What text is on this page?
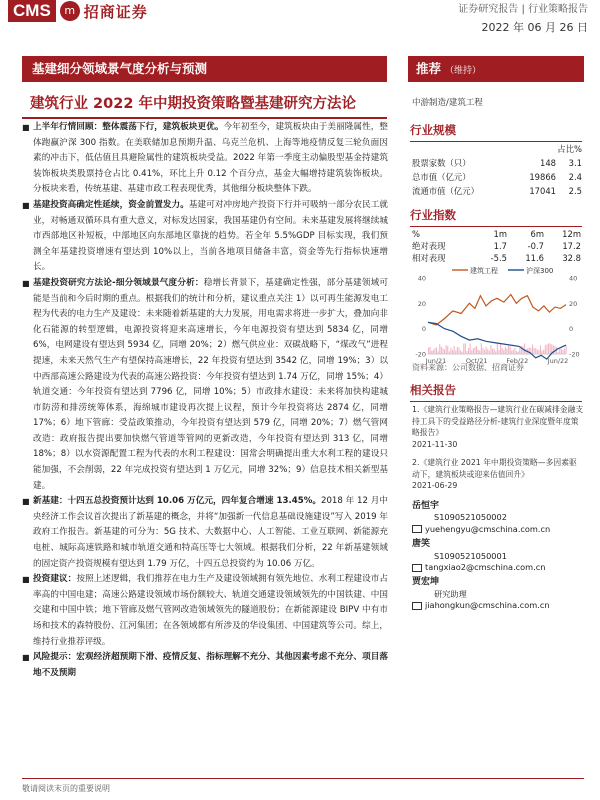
CMS	m 招商证券	证券研究报告 | 行业策略报告
2022 年 06 月 26 日
基建细分领域景气度分析与预测	推荐 （维持）
建筑行业 2022 年中期投资策略暨基建研究方法论

■ 上半年行情回顾：整体震荡下行，建筑板块更优。今年初至今，建筑板块由于美丽隆属性，整体跑赢沪深 300 指数。在美联储加息预期升温、乌克兰危机、上海等地疫情反复三轮负面因素的冲击下，低估值且具避险属性的建筑板块受益。2022 年第一季度主动偏股型基金持建筑装饰板块类股票持仓占比 0.41%，环比上升 0.12 个百分点，基金大幅增持建筑装饰板块。分板块来看，传统基建、基建市政工程表现优秀，其他细分板块整体下跌。

■ 基建投资高确定性延续，资金前置发力。基建可对冲房地产投资下行并可吸纳一部分农民工就业，对畅通双循环具有重大意义，对标发达国家，我国基建仍有空间。未来基建发展将继续城市西部地区补短板，中部地区向东部地区靠拢的趋势。若全年 5.5%GDP 目标实现，我们预测全年基建投资增速有望达到 10%以上，当前各地项目储备丰富，资金等先行指标快速增长。

■ 基建投资研究方法论-细分领域景气度分析：稳增长背景下，基建确定性强，部分基建领域可能是当前和今后时期的重点。根据我们的统计和分析，建议重点关注 1）以可再生能源发电工程为代表的电力生产及建设：未来随着新基建的大力发展，用电需求将进一步扩大，叠加向非化石能源的转型逻辑，电源投资将迎来高速增长，今年电源投资有望达到 5834 亿，同增 6%，电网建设有望达到 5934 亿，同增 20%；2）燃气供应业：双碳战略下，“煤改气”进程提速，未来天然气生产有望保持高速增长，22 年投资有望达到 3542 亿，同增 19%；3）以中西部高速公路建设为代表的高速公路投资：今年投资有望达到 1.74 万亿，同增 15%；4）轨道交通：今年投资有望达到 7796 亿，同增 10%；5）市政排水建设：未来将加快构建城市防涝和排涝统筹体系，海绵城市建设再次提上议程，预计今年投资将达 2874 亿，同增 17%；6）地下管廊：受益政策推动，今年投资有望达到 579 亿，同增 20%；7）燃气管网改造：政府报告提出要加快燃气管道等管网的更新改造，今年投资有望达到 313 亿，同增 18%；8）以水资源配置工程为代表的水利工程建设：国常会明确提出重大水利工程的建设只能加强，不会削弱，22 年完成投资有望达到 1 万亿元，同增 32%；9）信息技术相关新型基建。

■ 新基建：十四五总投资预计达到 10.06 万亿元，四年复合增速 13.45%。2018 年 12 月中央经济工作会议首次提出了新基建的概念，并将“加强新一代信息基础设施建设”写入 2019 年政府工作报告。新基建的可分为：5G 技术、大数据中心、人工智能、工业互联网、新能源充电桩、城际高速铁路和城市轨道交通和特高压等七大领域。根据我们分析，22 年新基建领域的固定资产投资规模有望达到 1.79 万亿，十四五总投资约为 10.06 万亿。

■ 投资建议：按照上述逻辑，我们推荐在电力生产及建设领域拥有领先地位、水利工程建设市占率高的中国电建；高速公路建设领域市场份额较大、轨道交通建设领域领先的中国铁建、中国交建和中国中铁；地下管廊及燃气管网改造领域领先的隧道股份；在新能源建设 BIPV 中有市场和技术的森特股份、江河集团；在各领域都有所涉及的华设集团、中国建筑等公司。综上，维持行业推荐评级。

■ 风险提示：宏观经济超预期下滑、疫情反复、指标理解不充分、其他因素考虑不充分、项目落地不及预期

中游制造/建筑工程
行业规模
占比%
股票家数（只）	148	3.1
总市值（亿元）	19866	2.4
流通市值（亿元）	17041	2.5
行业指数
%	1m	6m	12m
绝对表现	1.7	-0.7	17.2
相对表现	-5.5	11.6	32.8
建筑工程	沪深300
-20
0
20
40
-20
0
20
40
Jun/21	Oct/21	Feb/22	Jun/22
资料来源：公司数据、招商证券
相关报告
1.《建筑行业策略报告—建筑行业在碳减排金融支持工具下的受益路径分析-建筑行业深度暨年度策略报告》
2021-11-30
2.《建筑行业 2021 年中期投资策略—多因素驱动下，建筑板块或迎来估值回升》
2021-06-29
岳恒宇
S1090521050002
yuehengyu@cmschina.com.cn
唐笑
S1090521050001
tangxiao2@cmschina.com.cn
贾宏坤
研究助理
jiahongkun@cmschina.com.cn
敬请阅读末页的重要说明
